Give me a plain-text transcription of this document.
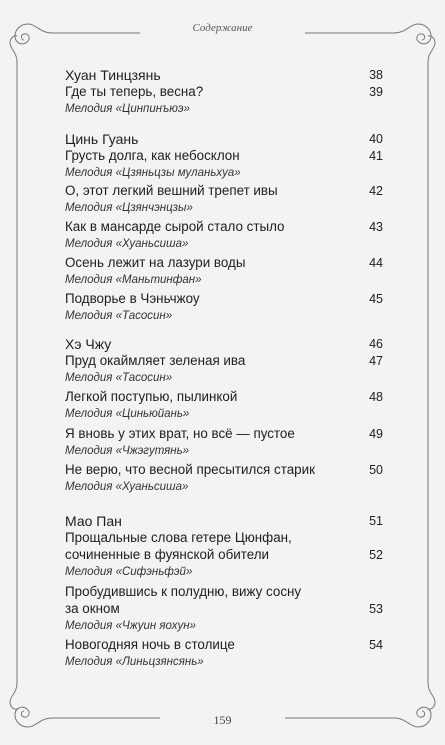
Содержание
Хуан Тинцзянь	38
Где ты теперь, весна?	39
Мелодия «Цинпинъюэ»
Цинь Гуань	40
Грусть долга, как небосклон	41
Мелодия «Цзяньцзы муланьхуа»
О, этот легкий вешний трепет ивы	42
Мелодия «Цзянчэнцзы»
Как в мансарде сырой стало стыло	43
Мелодия «Хуаньсиша»
Осень лежит на лазури воды	44
Мелодия «Маньтинфан»
Подворье в Чэньчжоу	45
Мелодия «Тасосин»
Хэ Чжу	46
Пруд окаймляет зеленая ива	47
Мелодия «Тасосин»
Легкой поступью, пылинкой	48
Мелодия «Циньюйань»
Я вновь у этих врат, но всё — пустое	49
Мелодия «Чжэгутянь»
Не верю, что весной пресытился старик	50
Мелодия «Хуаньсиша»
Мао Пан	51
Прощальные слова гетере Цюнфан,
сочиненные в фуянской обители	52
Мелодия «Сифэньфэй»
Пробудившись к полудню, вижу сосну
за окном	53
Мелодия «Чжуин яохун»
Новогодняя ночь в столице	54
Мелодия «Линьцзянсянь»
159
